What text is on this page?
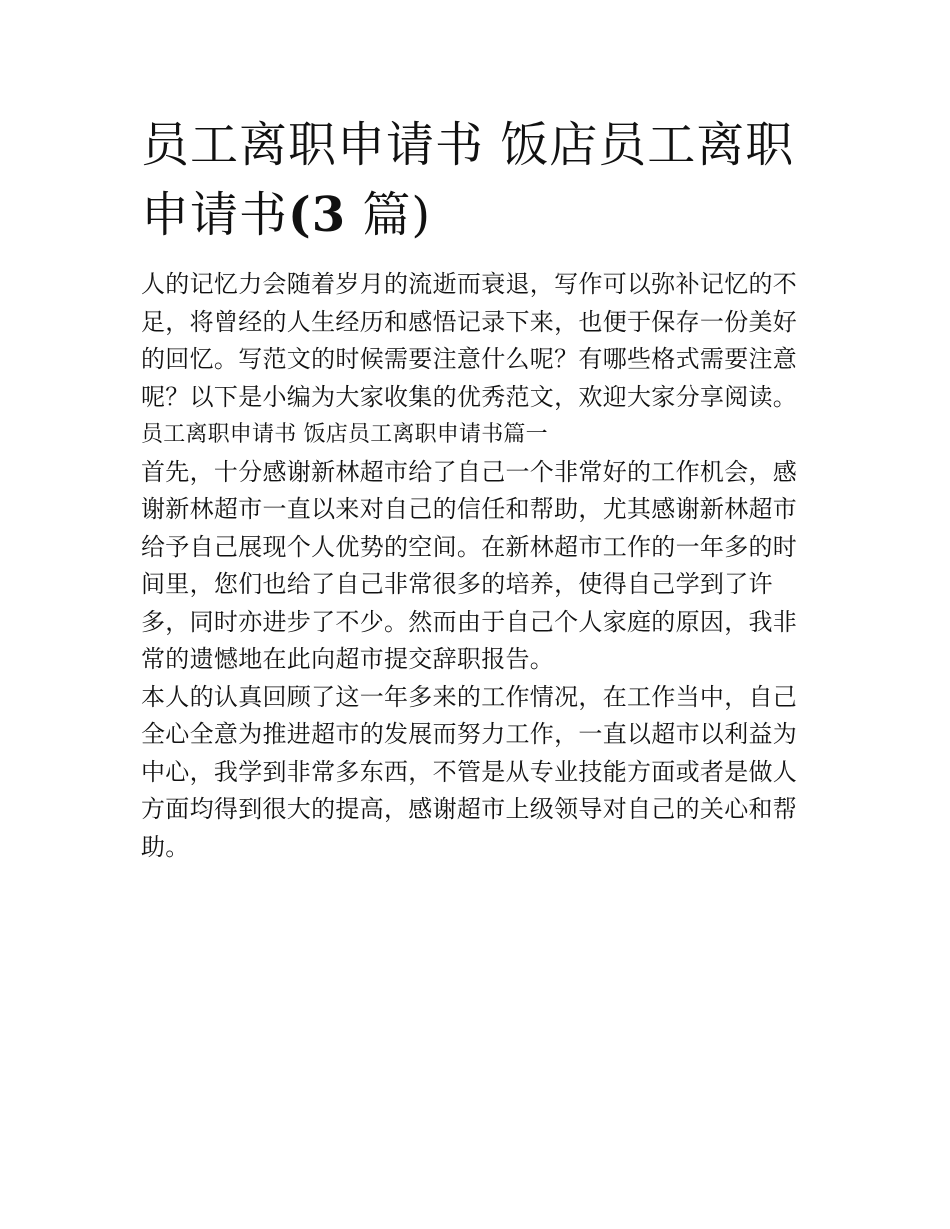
员工离职申请书 饭店员工离职
申请书(3 篇)

人的记忆力会随着岁月的流逝而衰退，写作可以弥补记忆的不
足，将曾经的人生经历和感悟记录下来，也便于保存一份美好
的回忆。写范文的时候需要注意什么呢？有哪些格式需要注意
呢？以下是小编为大家收集的优秀范文，欢迎大家分享阅读。

员工离职申请书 饭店员工离职申请书篇一

首先，十分感谢新林超市给了自己一个非常好的工作机会，感
谢新林超市一直以来对自己的信任和帮助，尤其感谢新林超市
给予自己展现个人优势的空间。在新林超市工作的一年多的时
间里，您们也给了自己非常很多的培养，使得自己学到了许
多，同时亦进步了不少。然而由于自己个人家庭的原因，我非
常的遗憾地在此向超市提交辞职报告。

本人的认真回顾了这一年多来的工作情况，在工作当中，自己
全心全意为推进超市的发展而努力工作，一直以超市以利益为
中心，我学到非常多东西，不管是从专业技能方面或者是做人
方面均得到很大的提高，感谢超市上级领导对自己的关心和帮
助。
